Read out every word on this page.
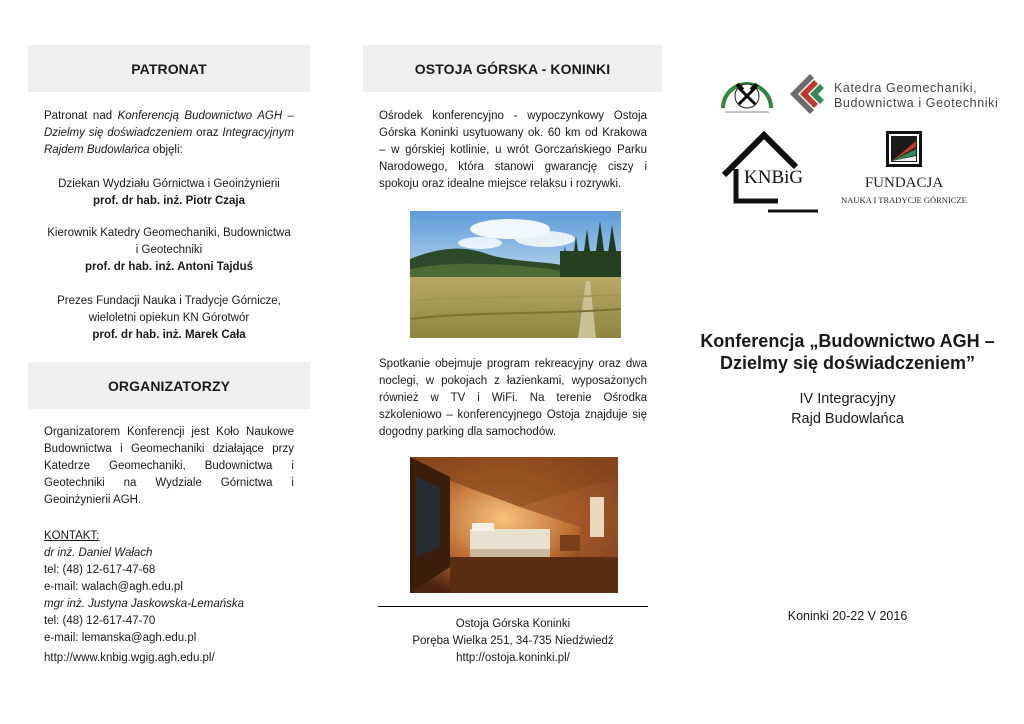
PATRONAT
Patronat nad Konferencją Budownictwo AGH – Dzielmy się doświadczeniem oraz Integracyjnym Rajdem Budowlańca objęli:
Dziekan Wydziału Górnictwa i Geoinżynierii
prof. dr hab. inż. Piotr Czaja
Kierownik Katedry Geomechaniki, Budownictwa
i Geotechniki
prof. dr hab. inż. Antoni Tajduś
Prezes Fundacji Nauka i Tradycje Górnicze,
wieloletni opiekun KN Górotwór
prof. dr hab. inż. Marek Cała
ORGANIZATORZY
Organizatorem Konferencji jest Koło Naukowe Budownictwa i Geomechaniki działające przy Katedrze Geomechaniki, Budownictwa i Geotechniki na Wydziale Górnictwa i Geoinżynierii AGH.
KONTAKT:
dr inż. Daniel Wałach
tel: (48) 12-617-47-68
e-mail: walach@agh.edu.pl
mgr inż. Justyna Jaskowska-Lemańska
tel: (48) 12-617-47-70
e-mail: lemanska@agh.edu.pl
http://www.knbig.wgig.agh.edu.pl/
OSTOJA GÓRSKA - KONINKI
Ośrodek konferencyjno - wypoczynkowy Ostoja Górska Koninki usytuowany ok. 60 km od Krakowa – w górskiej kotlinie, u wrót Gorczańskiego Parku Narodowego, która stanowi gwarancję ciszy i spokoju oraz idealne miejsce relaksu i rozrywki.
Spotkanie obejmuje program rekreacyjny oraz dwa noclegi, w pokojach z łazienkami, wyposażonych również w TV i WiFi. Na terenie Ośrodka szkoleniowo – konferencyjnego Ostoja znajduje się dogodny parking dla samochodów.
Ostoja Górska Koninki
Poręba Wielka 251, 34-735 Niedźwiedź
http://ostoja.koninki.pl/
Katedra Geomechaniki,
Budownictwa i Geotechniki
KNBiG	FUNDACJA
NAUKA I TRADYCJE GÓRNICZE
Konferencja „Budownictwo AGH –
Dzielmy się doświadczeniem”
IV Integracyjny
Rajd Budowlańca
Koninki 20-22 V 2016
